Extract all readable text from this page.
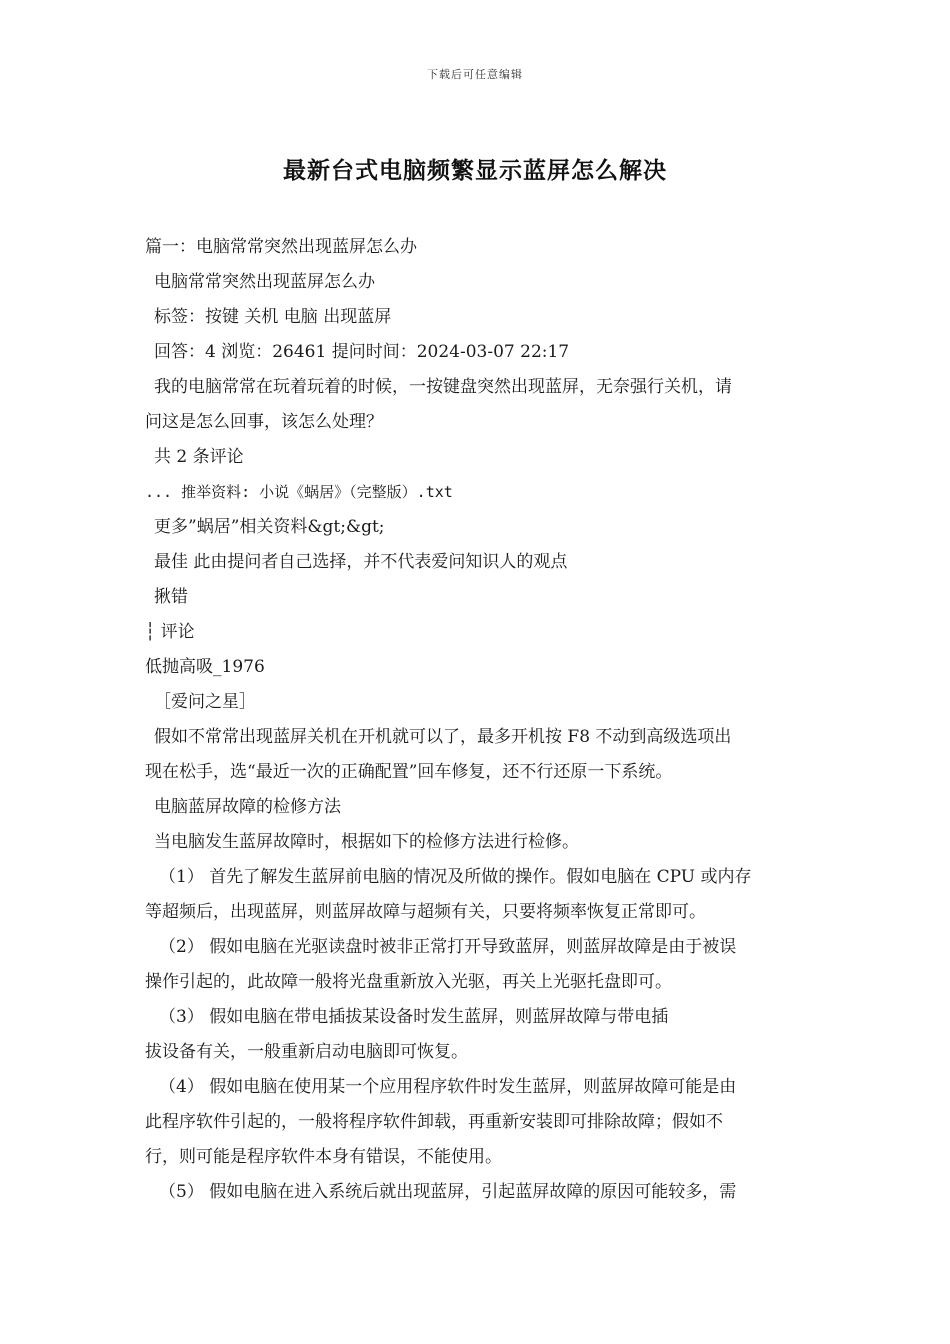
下载后可任意编辑
最新台式电脑频繁显示蓝屏怎么解决
篇一：电脑常常突然出现蓝屏怎么办
电脑常常突然出现蓝屏怎么办
标签：按键 关机 电脑 出现蓝屏
回答：4 浏览：26461 提问时间：2024-03-07 22:17
我的电脑常常在玩着玩着的时候，一按键盘突然出现蓝屏，无奈强行关机，请
问这是怎么回事，该怎么处理？
共 2 条评论
... 推举资料: 小说《蜗居》（完整版）.txt
更多”蜗居”相关资料&gt;&gt;
最佳 此由提问者自己选择，并不代表爱问知识人的观点
揪错
┆ 评论
低抛高吸_1976
［爱问之星］
假如不常常出现蓝屏关机在开机就可以了，最多开机按 F8 不动到高级选项出
现在松手，选“最近一次的正确配置”回车修复，还不行还原一下系统。
电脑蓝屏故障的检修方法
当电脑发生蓝屏故障时，根据如下的检修方法进行检修。
（1） 首先了解发生蓝屏前电脑的情况及所做的操作。假如电脑在 CPU 或内存
等超频后，出现蓝屏，则蓝屏故障与超频有关，只要将频率恢复正常即可。
（2） 假如电脑在光驱读盘时被非正常打开导致蓝屏，则蓝屏故障是由于被误
操作引起的，此故障一般将光盘重新放入光驱，再关上光驱托盘即可。
（3） 假如电脑在带电插拔某设备时发生蓝屏，则蓝屏故障与带电插
拔设备有关，一般重新启动电脑即可恢复。
（4） 假如电脑在使用某一个应用程序软件时发生蓝屏，则蓝屏故障可能是由
此程序软件引起的，一般将程序软件卸载，再重新安装即可排除故障；假如不
行，则可能是程序软件本身有错误，不能使用。
（5） 假如电脑在进入系统后就出现蓝屏，引起蓝屏故障的原因可能较多，需
